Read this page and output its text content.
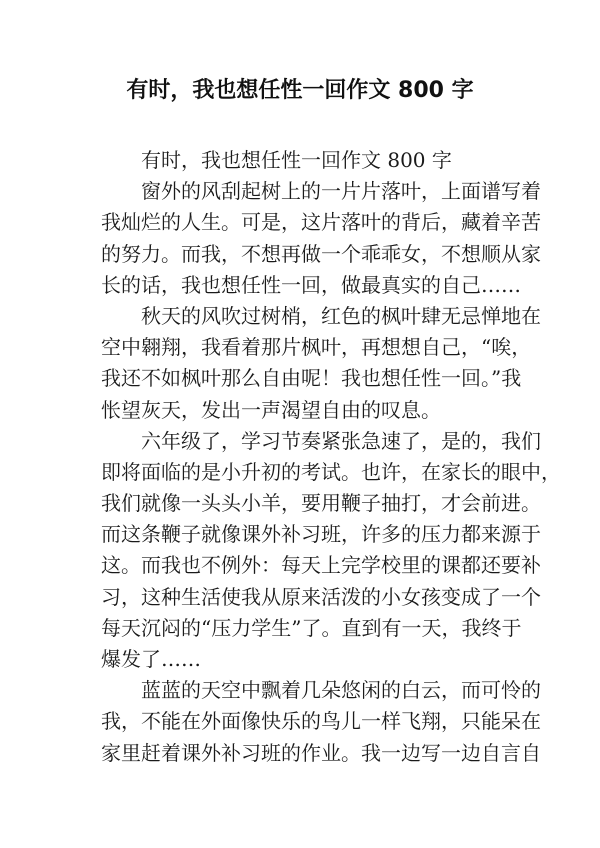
有时，我也想任性一回作文 800 字
有时，我也想任性一回作文 800 字
窗外的风刮起树上的一片片落叶，上面谱写着
我灿烂的人生。可是，这片落叶的背后，藏着辛苦
的努力。而我，不想再做一个乖乖女，不想顺从家
长的话，我也想任性一回，做最真实的自己……
秋天的风吹过树梢，红色的枫叶肆无忌惮地在
空中翱翔，我看着那片枫叶，再想想自己，“唉，
我还不如枫叶那么自由呢！我也想任性一回。”我
怅望灰天，发出一声渴望自由的叹息。
六年级了，学习节奏紧张急速了，是的，我们
即将面临的是小升初的考试。也许，在家长的眼中，
我们就像一头头小羊，要用鞭子抽打，才会前进。
而这条鞭子就像课外补习班，许多的压力都来源于
这。而我也不例外：每天上完学校里的课都还要补
习，这种生活使我从原来活泼的小女孩变成了一个
每天沉闷的“压力学生”了。直到有一天，我终于
爆发了……
蓝蓝的天空中飘着几朵悠闲的白云，而可怜的
我，不能在外面像快乐的鸟儿一样飞翔，只能呆在
家里赶着课外补习班的作业。我一边写一边自言自
